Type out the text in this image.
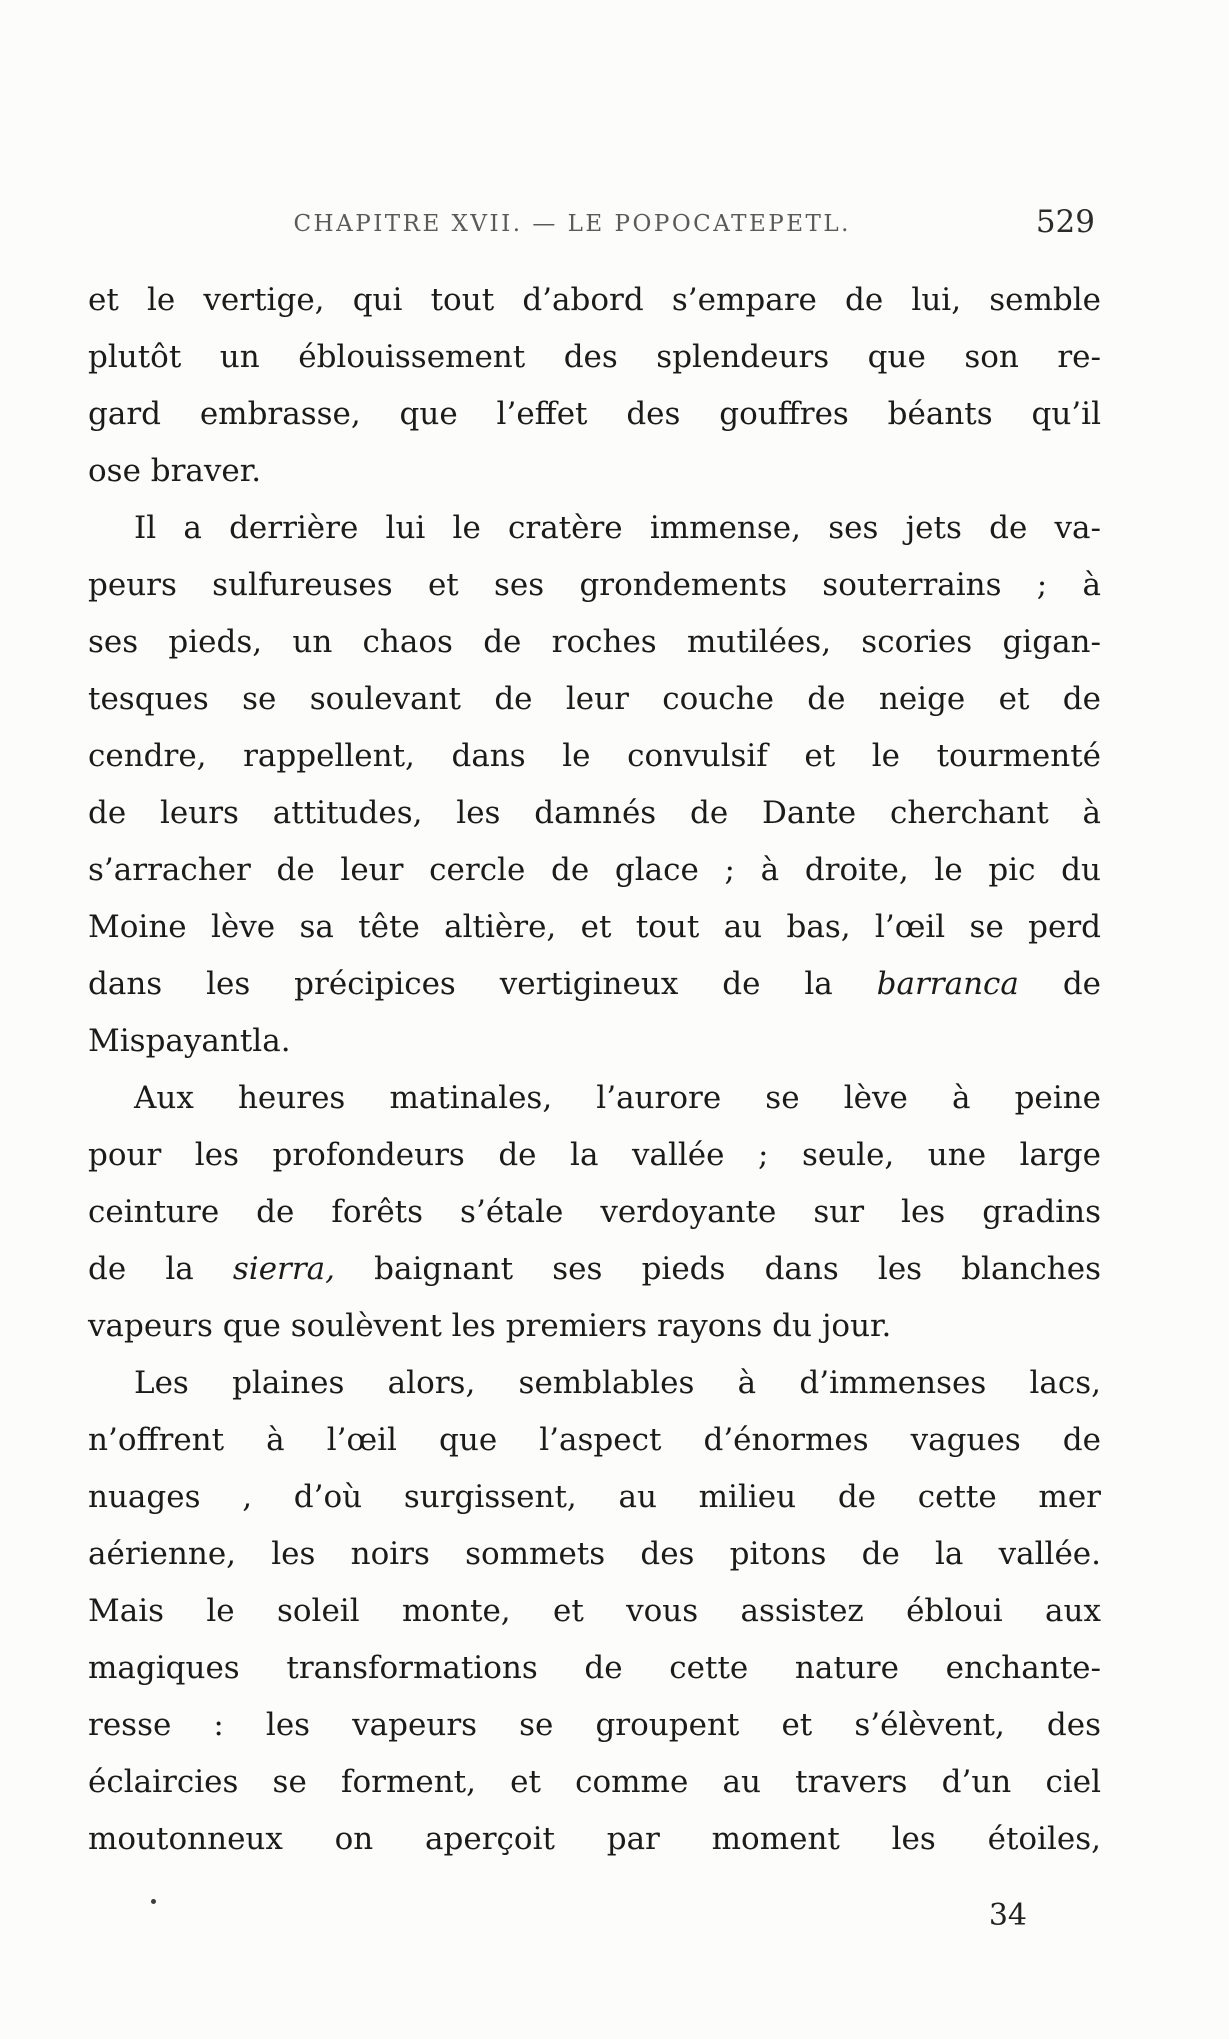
CHAPITRE XVII. — LE POPOCATEPETL.	529
et le vertige, qui tout d’abord s’empare de lui, semble
plutôt un éblouissement des splendeurs que son re-
gard embrasse, que l’effet des gouffres béants qu’il
ose braver.
Il a derrière lui le cratère immense, ses jets de va-
peurs sulfureuses et ses grondements souterrains ; à
ses pieds, un chaos de roches mutilées, scories gigan-
tesques se soulevant de leur couche de neige et de
cendre, rappellent, dans le convulsif et le tourmenté
de leurs attitudes, les damnés de Dante cherchant à
s’arracher de leur cercle de glace ; à droite, le pic du
Moine lève sa tête altière, et tout au bas, l’œil se perd
dans les précipices vertigineux de la barranca de
Mispayantla.
Aux heures matinales, l’aurore se lève à peine
pour les profondeurs de la vallée ; seule, une large
ceinture de forêts s’étale verdoyante sur les gradins
de la sierra, baignant ses pieds dans les blanches
vapeurs que soulèvent les premiers rayons du jour.
Les plaines alors, semblables à d’immenses lacs,
n’offrent à l’œil que l’aspect d’énormes vagues de
nuages , d’où surgissent, au milieu de cette mer
aérienne, les noirs sommets des pitons de la vallée.
Mais le soleil monte, et vous assistez ébloui aux
magiques transformations de cette nature enchante-
resse : les vapeurs se groupent et s’élèvent, des
éclaircies se forment, et comme au travers d’un ciel
moutonneux on aperçoit par moment les étoiles,
34
